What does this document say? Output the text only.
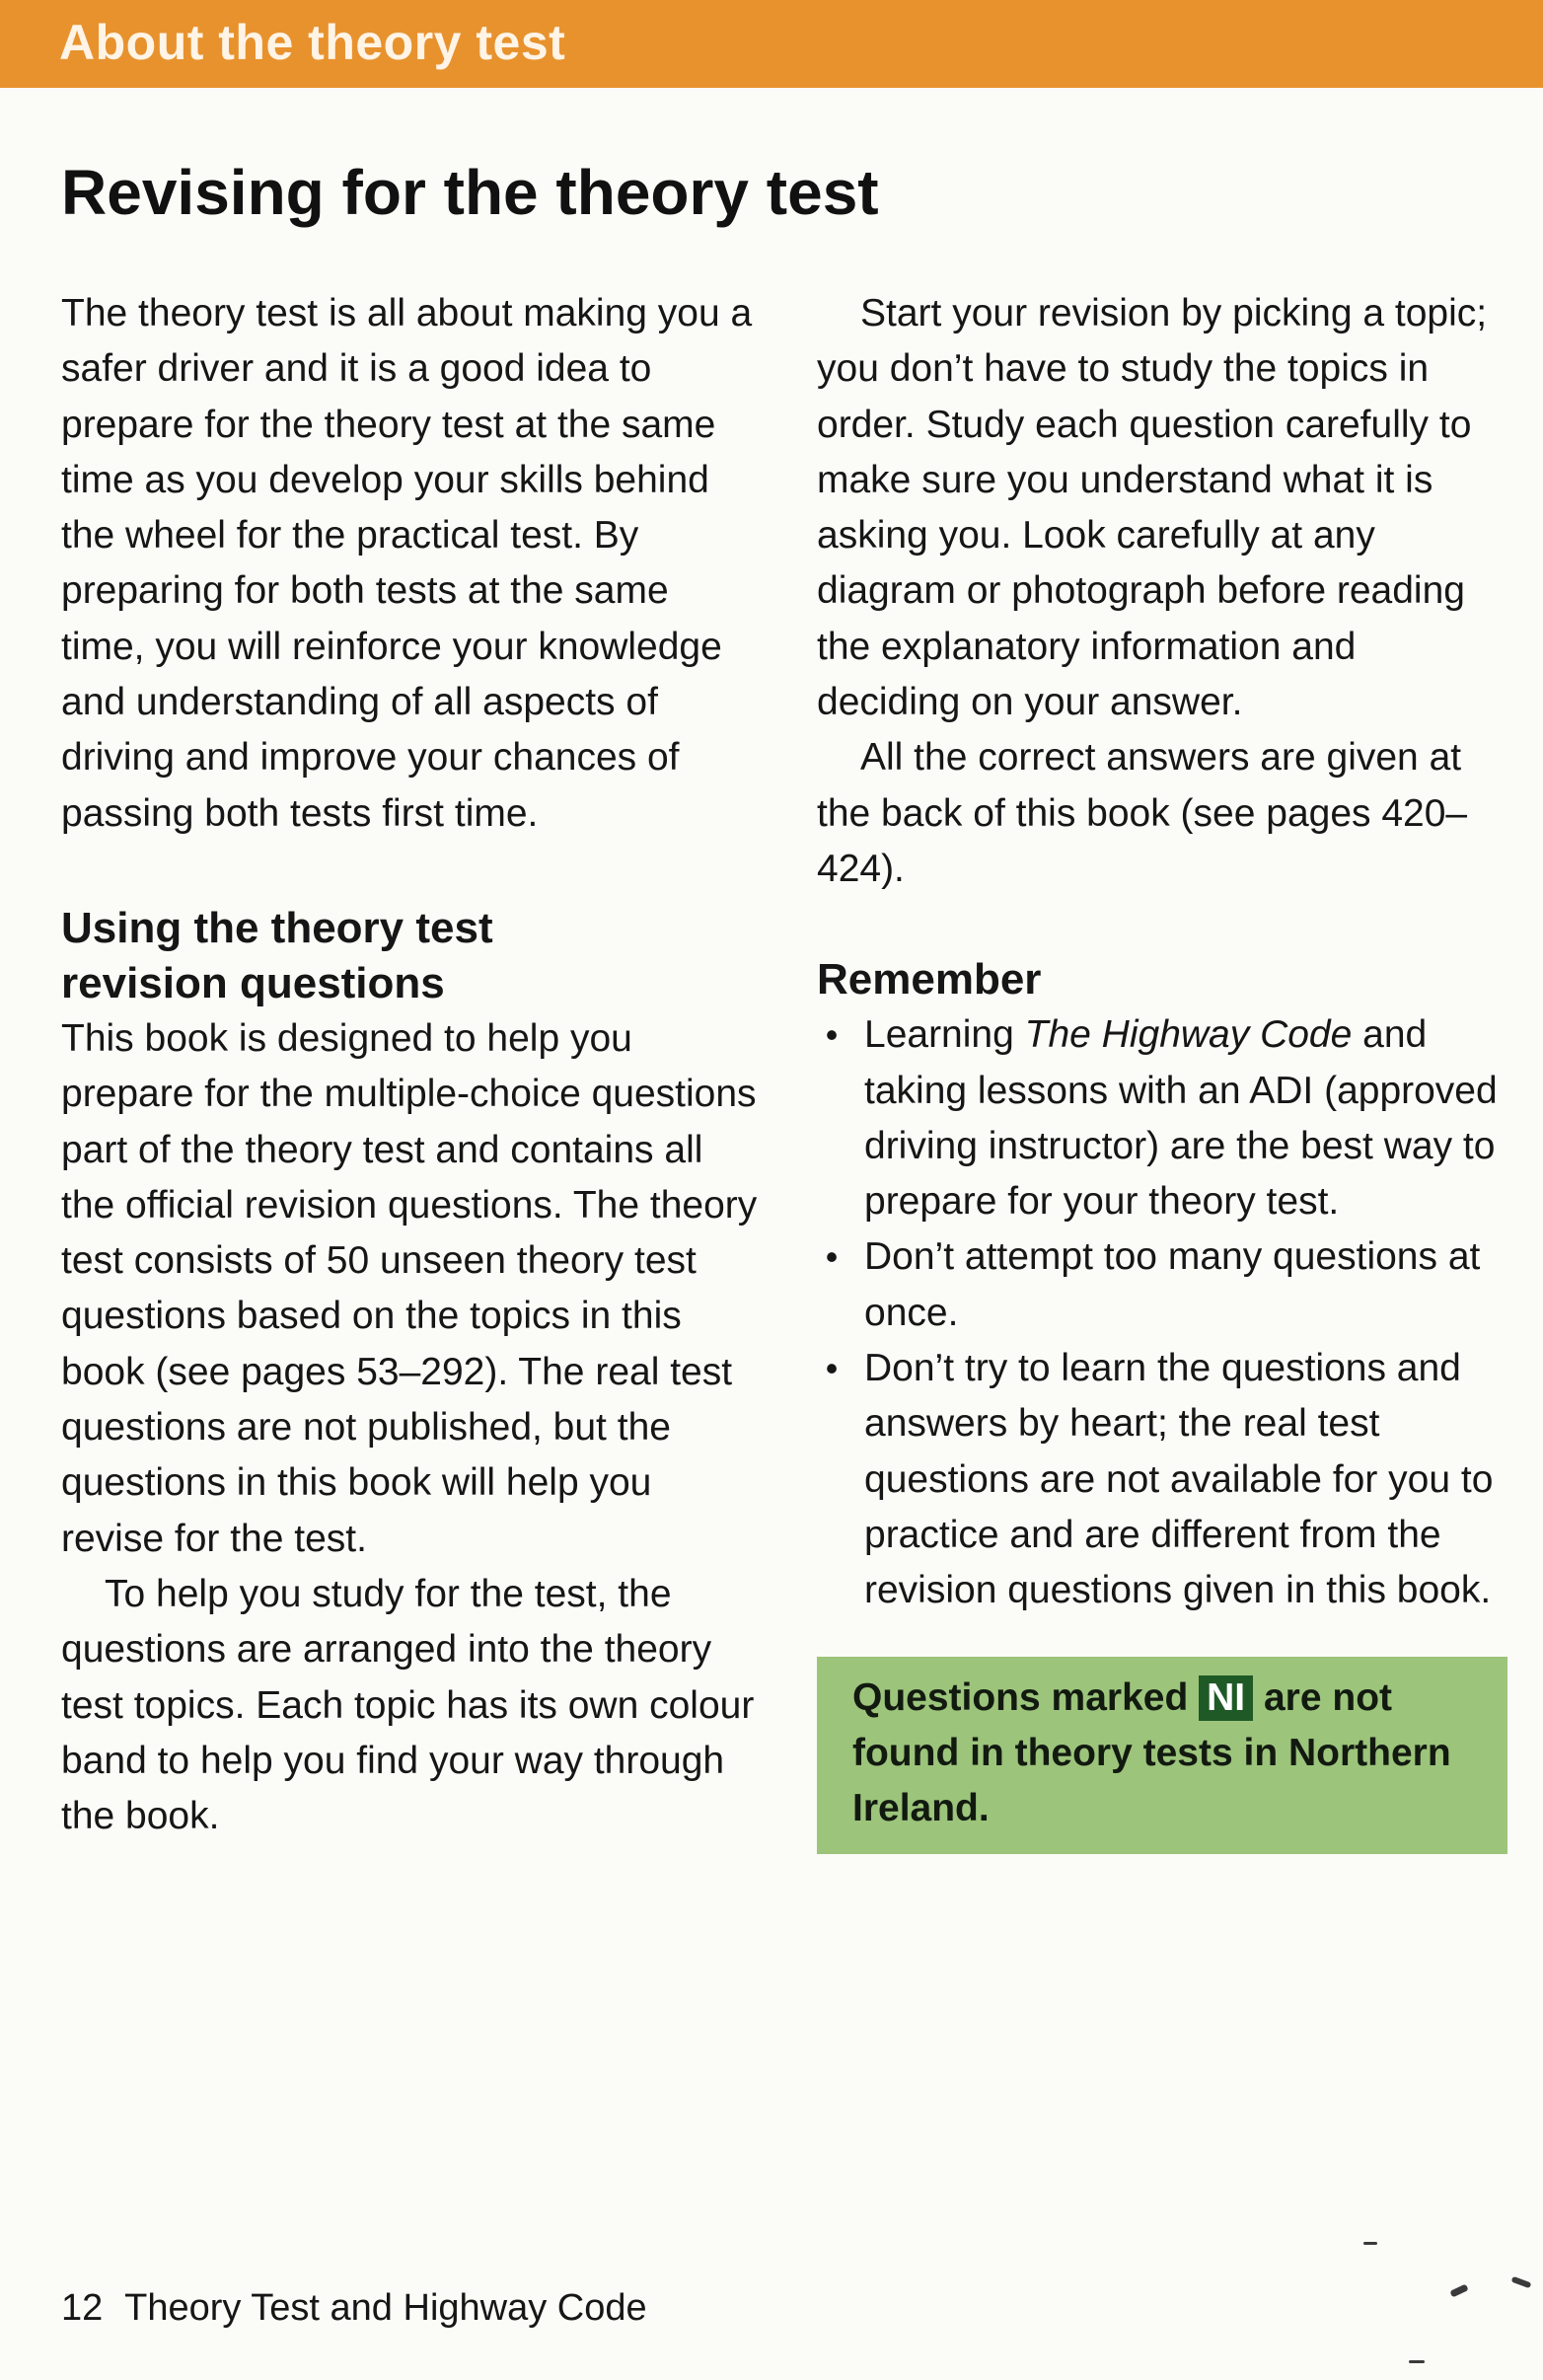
About the theory test
Revising for the theory test

The theory test is all about making you a safer driver and it is a good idea to prepare for the theory test at the same time as you develop your skills behind the wheel for the practical test. By preparing for both tests at the same time, you will reinforce your knowledge and understanding of all aspects of driving and improve your chances of passing both tests first time.

Using the theory test
revision questions

This book is designed to help you prepare for the multiple-choice questions part of the theory test and contains all the official revision questions. The theory test consists of 50 unseen theory test questions based on the topics in this book (see pages 53–292). The real test questions are not published, but the questions in this book will help you revise for the test.

To help you study for the test, the questions are arranged into the theory test topics. Each topic has its own colour band to help you find your way through the book.

Start your revision by picking a topic; you don’t have to study the topics in order. Study each question carefully to make sure you understand what it is asking you. Look carefully at any diagram or photograph before reading the explanatory information and deciding on your answer.

All the correct answers are given at the back of this book (see pages 420–424).

Remember
• Learning The Highway Code and taking lessons with an ADI (approved driving instructor) are the best way to prepare for your theory test.
• Don’t attempt too many questions at once.
• Don’t try to learn the questions and answers by heart; the real test questions are not available for you to practice and are different from the revision questions given in this book.
Questions marked NI are not found in theory tests in Northern Ireland.
12 Theory Test and Highway Code
